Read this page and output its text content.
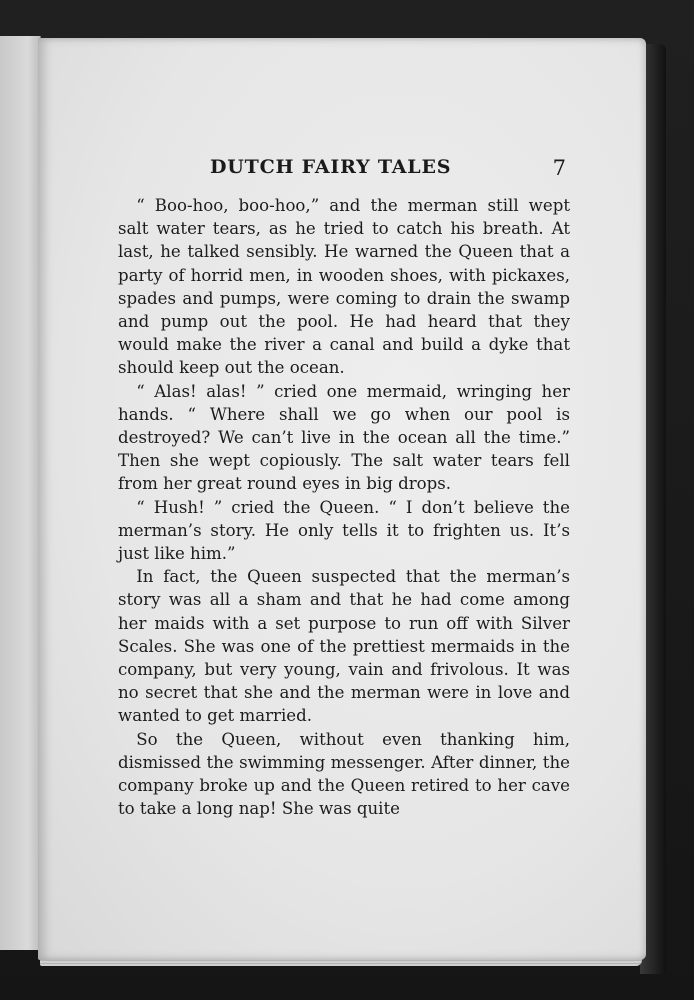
DUTCH FAIRY TALES	7

“ Boo-hoo, boo-hoo,” and the merman still wept salt water tears, as he tried to catch his breath. At last, he talked sensibly. He warned the Queen that a party of horrid men, in wooden shoes, with pickaxes, spades and pumps, were coming to drain the swamp and pump out the pool. He had heard that they would make the river a canal and build a dyke that should keep out the ocean.

“ Alas! alas! ” cried one mermaid, wringing her hands. “ Where shall we go when our pool is destroyed? We can’t live in the ocean all the time.” Then she wept copiously. The salt water tears fell from her great round eyes in big drops.

“ Hush! ” cried the Queen. “ I don’t believe the merman’s story. He only tells it to frighten us. It’s just like him.”

In fact, the Queen suspected that the merman’s story was all a sham and that he had come among her maids with a set purpose to run off with Silver Scales. She was one of the prettiest mermaids in the company, but very young, vain and frivolous. It was no secret that she and the merman were in love and wanted to get married.

So the Queen, without even thanking him, dismissed the swimming messenger. After dinner, the company broke up and the Queen retired to her cave to take a long nap! She was quite
